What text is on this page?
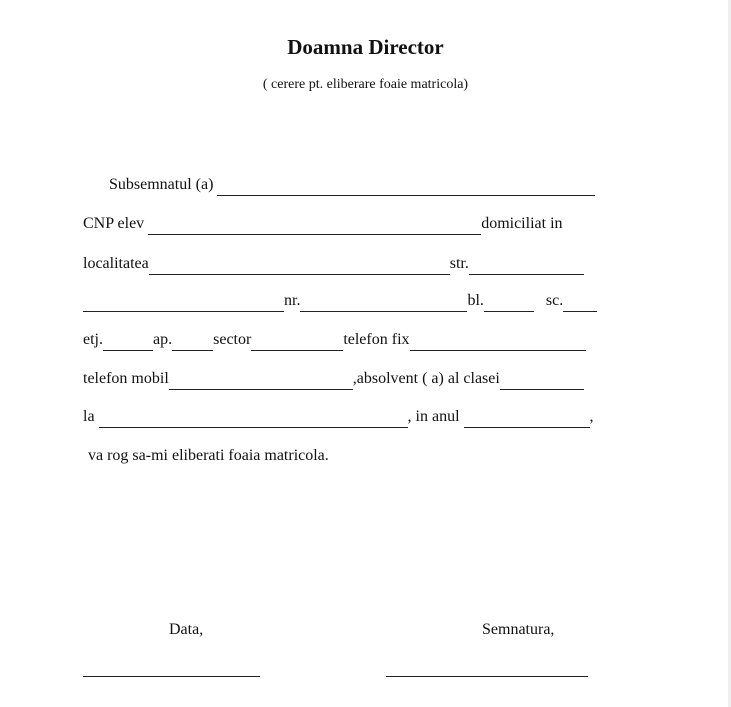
Doamna Director
( cerere pt. eliberare foaie matricola)
Subsemnatul (a)
CNP elev	domiciliat in
localitatea	str.
nr.	bl.	sc.
etj.	ap.	sector	telefon fix
telefon mobil	,absolvent ( a) al clasei
la	, in anul	,
va rog sa-mi eliberati foaia matricola.
Data,	Semnatura,
